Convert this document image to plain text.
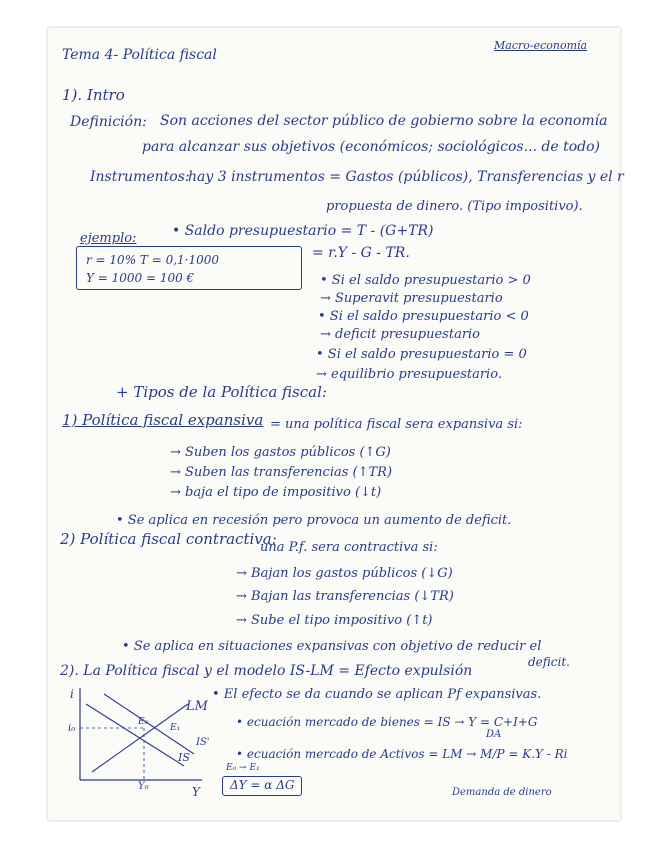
Tema 4- Política fiscal
Macro-economía
1). Intro
Definición: Son acciones del sector público de gobierno sobre la economía
para alcanzar sus objetivos (económicos; sociológicos... de todo)
Instrumentos:
hay 3 instrumentos = Gastos (públicos), Transferencias y el r
propuesta de dinero. (Tipo impositivo).
• Saldo presupuestario = T - (G+TR)
= r.Y - G - TR.
ejemplo:
r = 10% T = 0,1·1000
Y = 1000 = 100 €	• Si el saldo presupuestario > 0
→ Superavit presupuestario
• Si el saldo presupuestario < 0
→ deficit presupuestario
• Si el saldo presupuestario = 0
→ equilibrio presupuestario.
+ Tipos de la Política fiscal:
1) Política fiscal expansiva = una política fiscal sera expansiva si:
→ Suben los gastos públicos (↑G)
→ Suben las transferencias (↑TR)
→ baja el tipo de impositivo (↓t)
• Se aplica en recesión pero provoca un aumento de deficit.
2) Política fiscal contractiva:
una P.f. sera contractiva si:
→ Bajan los gastos públicos (↓G)
→ Bajan las transferencias (↓TR)
→ Sube el tipo impositivo (↑t)
• Se aplica en situaciones expansivas con objetivo de reducir el
deficit.
2). La Política fiscal y el modelo IS-LM = Efecto expulsión
• El efecto se da cuando se aplican Pf expansivas.
• ecuación mercado de bienes = IS → Y = C+I+G
DA
• ecuación mercado de Activos = LM → M/P = K.Y - Ri
Demanda de dinero
E₀ → E₁
ΔY = α ΔG
i
Y
i₀
Y₀
LM
IS
IS'
E₀
E₁
